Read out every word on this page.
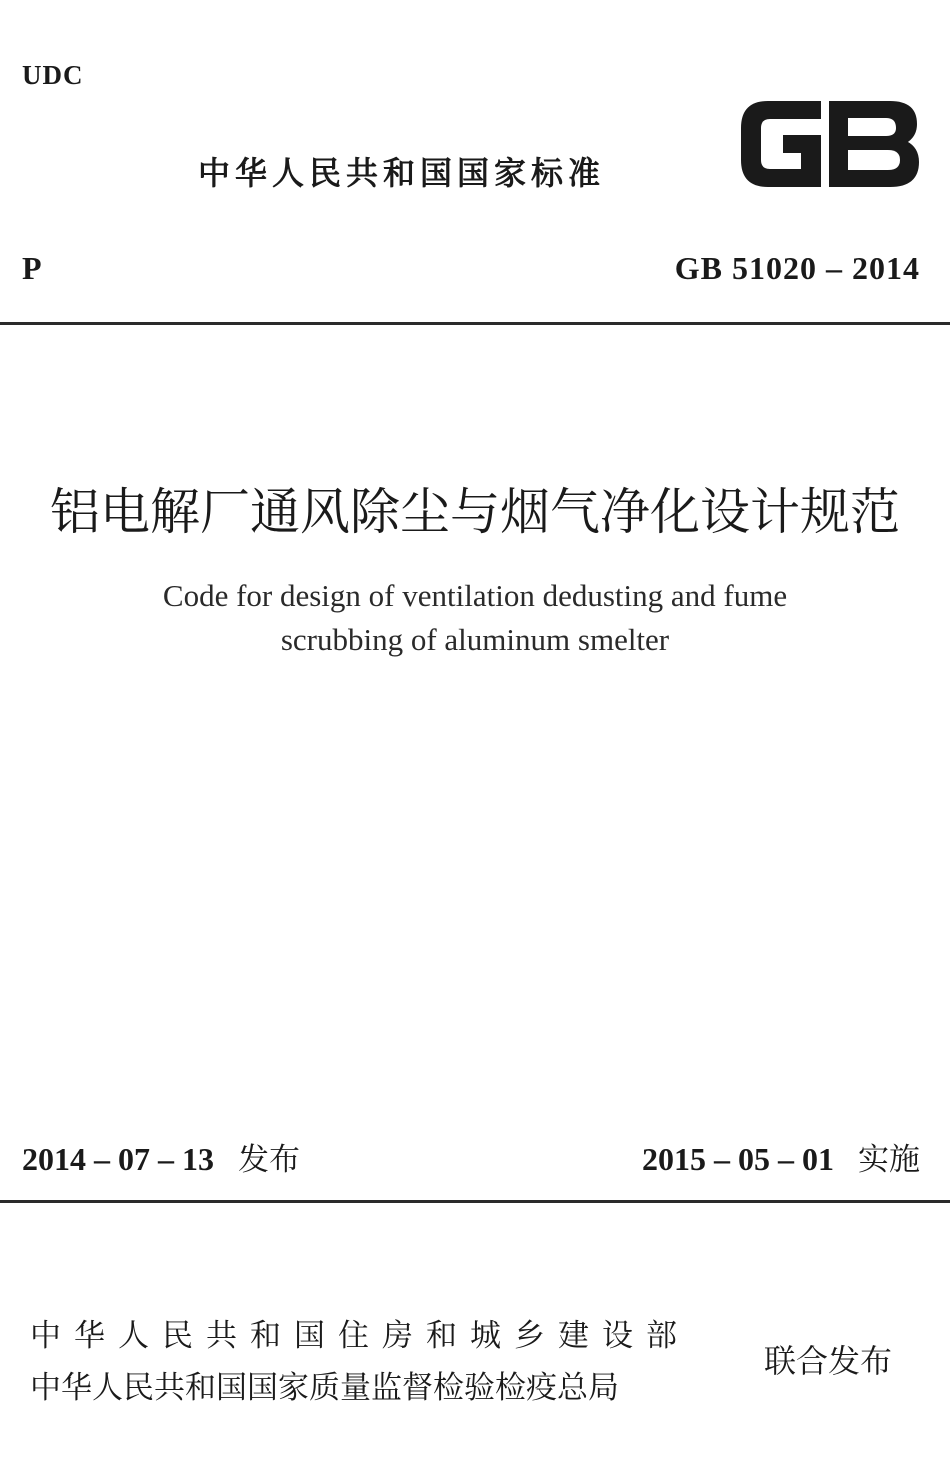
UDC
中华人民共和国国家标准
P	GB 51020 – 2014
铝电解厂通风除尘与烟气净化设计规范
Code for design of ventilation dedusting and fume
scrubbing of aluminum smelter
2014 – 07 – 13 发布	2015 – 05 – 01 实施
中华人民共和国住房和城乡建设部
中华人民共和国国家质量监督检验检疫总局
联合发布
